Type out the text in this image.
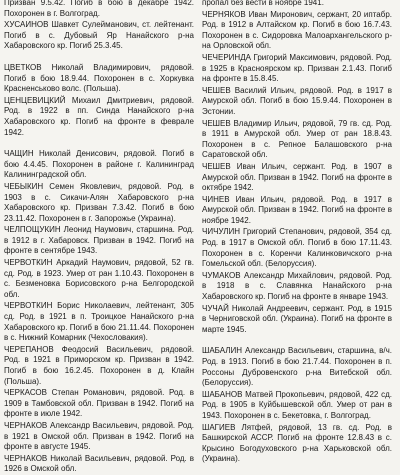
Призван 9.5.42. Погиб в бою в декабре 1942. Похоронен в г. Волгоград.

ХУСАИНОВ Шавкет Сулейманович, ст. лейтенант. Погиб в с. Дубовый Яр Нанайского р-на Хабаровского кр. Погиб 25.3.45.

ЦВЕТКОВ Николай Владимирович, рядовой. Погиб в бою 18.9.44. Похоронен в с. Хоркувка Красненськово волс. (Польша).

ЦЕНЦЕВИЦКИЙ Михаил Дмитриевич, рядовой. Род. в 1922 в пп. Синда Нанайского р-на Хабаровского кр. Погиб на фронте в феврале 1942.

ЧАЩИН Николай Денисович, рядовой. Погиб в бою 4.4.45. Похоронен в районе г. Калининград Калининградской обл.

ЧЕБЫКИН Семен Яковлевич, рядовой. Род. в 1903 в с. Сикачи-Алян Хабаровского р-на Хабаровского кр. Призван 7.3.42. Погиб в бою 23.11.42. Похоронен в г. Запорожье (Украина).

ЧЕЛПОЩУКИН Леонид Наумович, старшина. Род. в 1912 в г. Хабаровск. Призван в 1942. Погиб на фронте в сентябре 1943.

ЧЕРВОТКИН Аркадий Наумович, рядовой, 52 гв. сд. Род. в 1923. Умер от ран 1.10.43. Похоронен в с. Безменовка Борисовского р-на Белгородской обл.

ЧЕРВОТКИН Борис Николаевич, лейтенант, 305 сд. Род. в 1921 в п. Троицкое Нанайского р-на Хабаровского кр. Погиб в бою 21.11.44. Похоронен в с. Нижний Комарник (Чехословакия).

ЧЕРЕПАНОВ Феодосий Васильевич, рядовой. Род. в 1921 в Приморском кр. Призван в 1942. Погиб в бою 16.2.45. Похоронен в д. Клайн (Польша).

ЧЕРКАСОВ Степан Романович, рядовой. Род. в 1909 в Тамбовской обл. Призван в 1942. Погиб на фронте в июле 1942.

ЧЕРНАКОВ Александр Васильевич, рядовой. Род. в 1921 в Омской обл. Призван в 1942. Погиб на фронте в августе 1945.

ЧЕРНАКОВ Николай Васильевич, рядовой. Род. в 1926 в Омской обл.

пропал без вести в ноябре 1941.

ЧЕРНЯКОВ Иван Миронович, сержант, 20 иптабр. Род. в 1912 в Алтайском кр. Погиб в бою 16.7.43. Похоронен в с. Сидоровка Малоархангельского р-на Орловской обл.

ЧЕЧЕРИНДА Григорий Максимович, рядовой. Род. в 1925 в Красноярском кр. Призван 2.1.43. Погиб на фронте в 15.8.45.

ЧЕШЕВ Василий Ильич, рядовой. Род. в 1917 в Амурской обл. Погиб в бою 15.9.44. Похоронен в Эстонии.

ЧЕШЕВ Владимир Ильич, рядовой, 79 гв. сд. Род. в 1911 в Амурской обл. Умер от ран 18.8.43. Похоронен в с. Репное Балашовского р-на Саратовской обл.

ЧЕШЕВ Иван Ильич, сержант. Род. в 1907 в Амурской обл. Призван в 1942. Погиб на фронте в октябре 1942.

ЧИНЕВ Иван Ильич, рядовой. Род. в 1917 в Амурской обл. Призван в 1942. Погиб на фронте в ноябре 1942.

ЧИЧУЛИН Григорий Степанович, рядовой, 354 сд. Род. в 1917 в Омской обл. Погиб в бою 17.11.43. Похоронен в с. Коренчи Калинковичского р-на Гомельской обл. (Белоруссия).

ЧУМАКОВ Александр Михайлович, рядовой. Род. в 1918 в с. Славянка Нанайского р-на Хабаровского кр. Погиб на фронте в январе 1943.

ЧУЧАЙ Николай Андреевич, сержант. Род. в 1915 в Черниговской обл. (Украина). Погиб на фронте в марте 1945.

ШАБАЛИН Александр Васильевич, старшина, в/ч. Род. в 1913. Погиб в бою 21.7.44. Похоронен в п. Россоны Дубровенского р-на Витебской обл. (Белоруссия).

ШАБАНОВ Матвей Прокопьевич, рядовой, 422 сд. Род. в 1905 в Куйбышевской обл. Умер от ран в 1943. Похоронен в с. Бекетовка, г. Волгоград.

ШАГИЕВ Лятфей, рядовой, 13 гв. сд. Род. в Башкирской АССР. Погиб на фронте 12.8.43 в с. Крысино Богодуховского р-на Харьковской обл. (Украина).
